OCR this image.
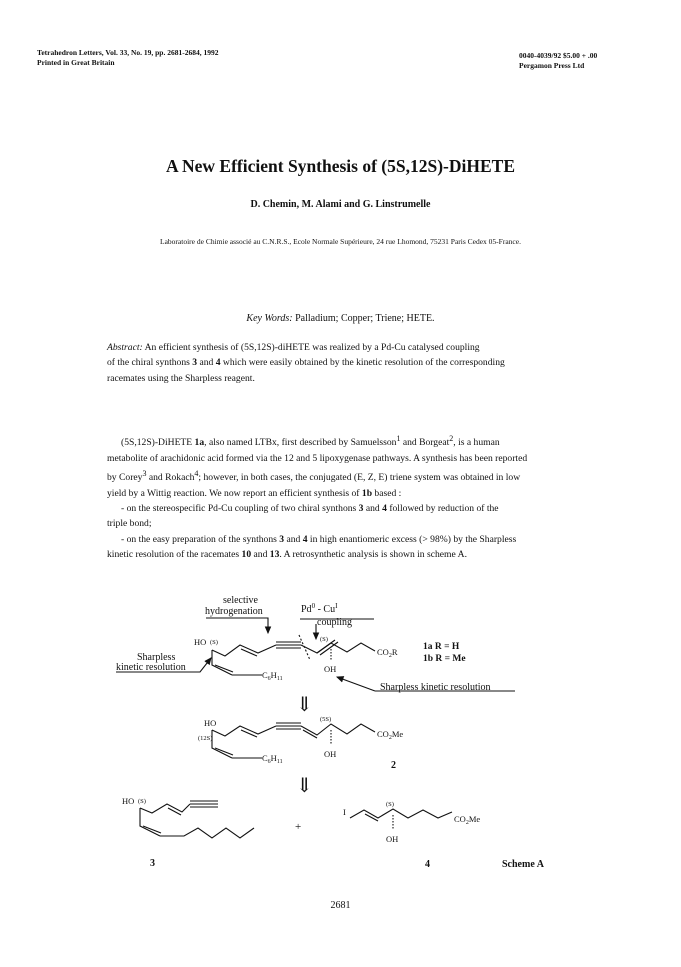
Tetrahedron Letters, Vol. 33, No. 19, pp. 2681-2684, 1992
Printed in Great Britain
0040-4039/92 $5.00 + .00
Pergamon Press Ltd
A New Efficient Synthesis of (5S,12S)-DiHETE
D. Chemin, M. Alami and G. Linstrumelle
Laboratoire de Chimie associé au C.N.R.S., Ecole Normale Supérieure, 24 rue Lhomond, 75231 Paris Cedex 05-France.
Key Words: Palladium; Copper; Triene; HETE.
Abstract: An efficient synthesis of (5S,12S)-diHETE was realized by a Pd-Cu catalysed coupling
of the chiral synthons 3 and 4 which were easily obtained by the kinetic resolution of the corresponding
racemates using the Sharpless reagent.
(5S,12S)-DiHETE 1a, also named LTBx, first described by Samuelsson$^1$ and Borgeat$^2$, is a human
metabolite of arachidonic acid formed via the 12 and 5 lipoxygenase pathways. A synthesis has been reported
by Corey$^3$ and Rokach$^4$; however, in both cases, the conjugated (E, Z, E) triene system was obtained in low
yield by a Wittig reaction. We now report an efficient synthesis of 1b based :
- on the stereospecific Pd-Cu coupling of two chiral synthons 3 and 4 followed by reduction of the
triple bond;
- on the easy preparation of the synthons 3 and 4 in high enantiomeric excess (> 98%) by the Sharpless
kinetic resolution of the racemates 10 and 13. A retrosynthetic analysis is shown in scheme A.
selective
hydrogenation	$Pd^0 - Cu^I$
coupling
Sharpless
kinetic resolution
Sharpless kinetic resolution
HO (S)	(S)
$CO_2R$
$C_6H_{11}$
OH
1a R = H
1b R = Me
⇓
HO
(12S)
(5S)
$CO_2Me$
$C_6H_{11}$
OH
2
⇓
HO (S)
3
+
I
(S)
$CO_2Me$
OH
4	Scheme A
2681
